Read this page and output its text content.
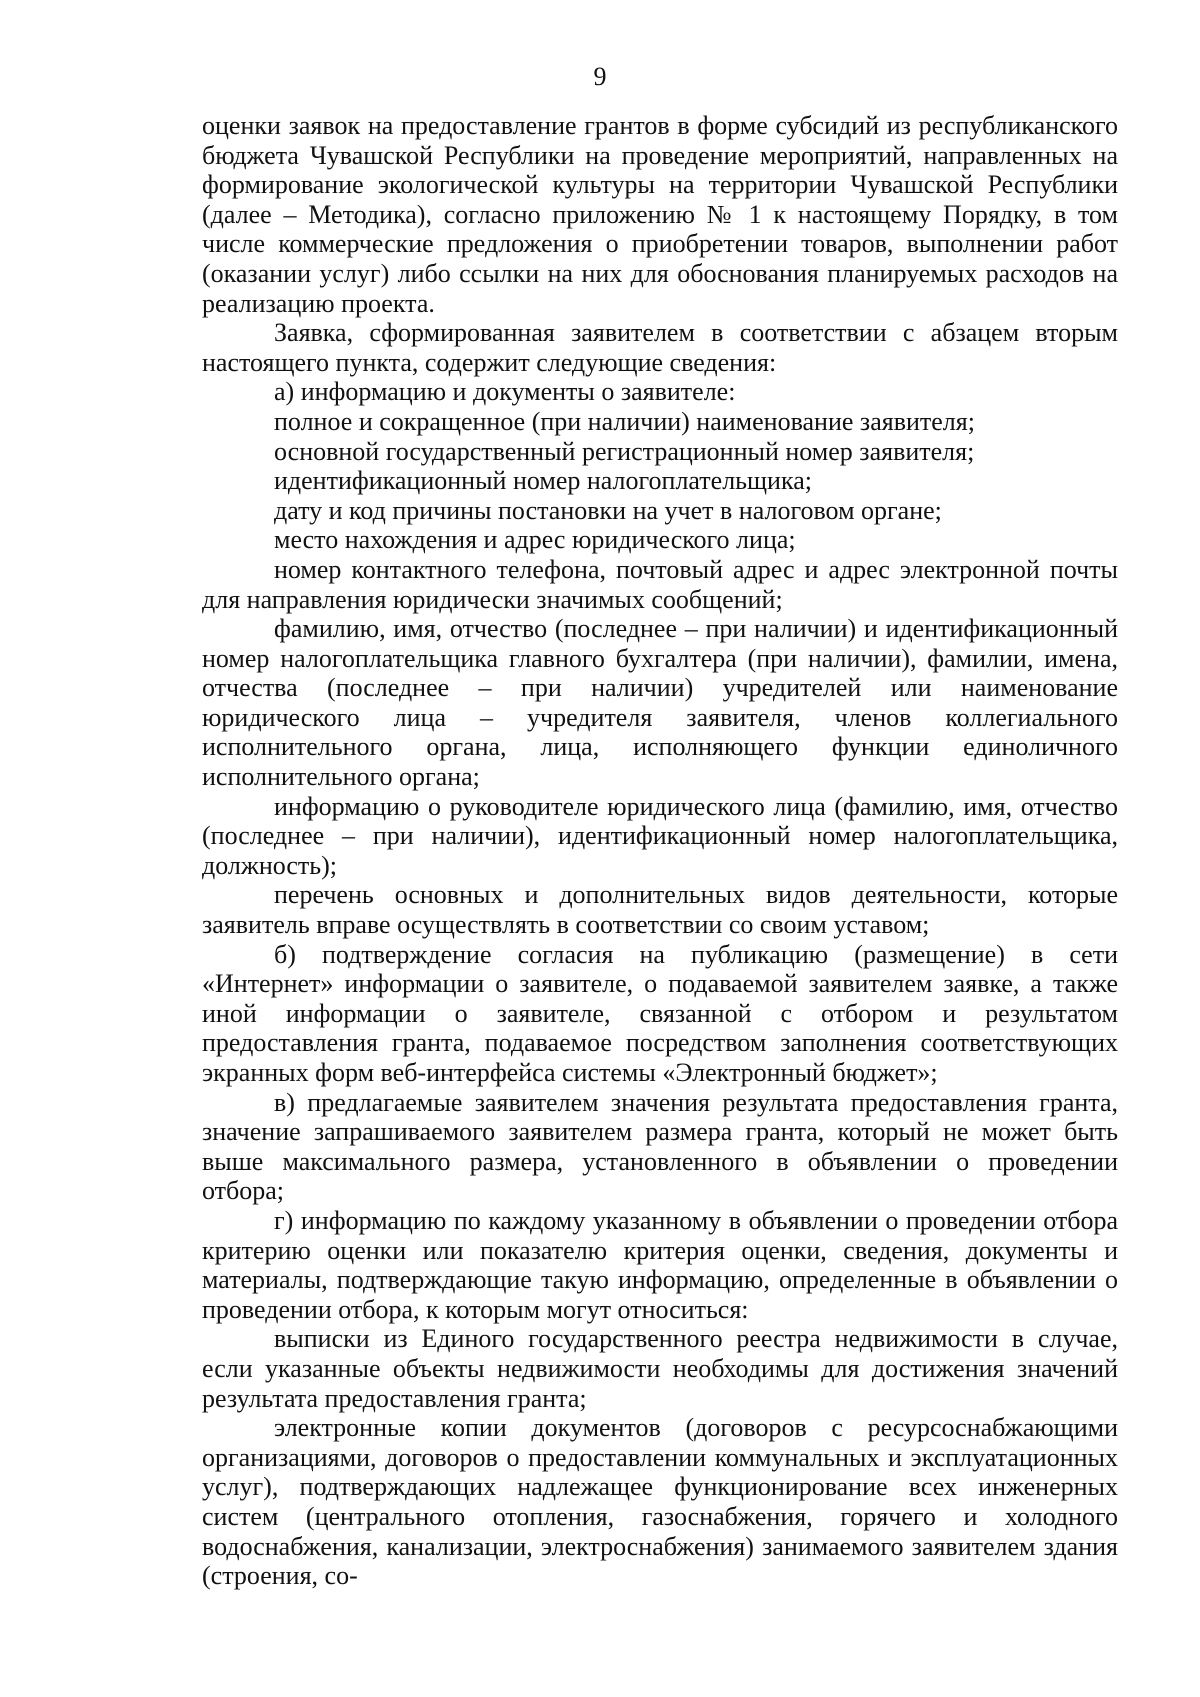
9

оценки заявок на предоставление грантов в форме субсидий из республиканского бюджета Чувашской Республики на проведение мероприятий, направленных на формирование экологической культуры на территории Чувашской Республики (далее – Методика), согласно приложению № 1 к настоящему Порядку, в том числе коммерческие предложения о приобретении товаров, выполнении работ (оказании услуг) либо ссылки на них для обоснования планируемых расходов на реализацию проекта.

Заявка, сформированная заявителем в соответствии с абзацем вторым настоящего пункта, содержит следующие сведения:

а) информацию и документы о заявителе:

полное и сокращенное (при наличии) наименование заявителя;

основной государственный регистрационный номер заявителя;

идентификационный номер налогоплательщика;

дату и код причины постановки на учет в налоговом органе;

место нахождения и адрес юридического лица;

номер контактного телефона, почтовый адрес и адрес электронной почты для направления юридически значимых сообщений;

фамилию, имя, отчество (последнее – при наличии) и идентификационный номер налогоплательщика главного бухгалтера (при наличии), фамилии, имена, отчества (последнее – при наличии) учредителей или наименование юридического лица – учредителя заявителя, членов коллегиального исполнительного органа, лица, исполняющего функции единоличного исполнительного органа;

информацию о руководителе юридического лица (фамилию, имя, отчество (последнее – при наличии), идентификационный номер налогоплательщика, должность);

перечень основных и дополнительных видов деятельности, которые заявитель вправе осуществлять в соответствии со своим уставом;

б) подтверждение согласия на публикацию (размещение) в сети «Интернет» информации о заявителе, о подаваемой заявителем заявке, а также иной информации о заявителе, связанной с отбором и результатом предоставления гранта, подаваемое посредством заполнения соответствующих экранных форм веб-интерфейса системы «Электронный бюджет»;

в) предлагаемые заявителем значения результата предоставления гранта, значение запрашиваемого заявителем размера гранта, который не может быть выше максимального размера, установленного в объявлении о проведении отбора;

г) информацию по каждому указанному в объявлении о проведении отбора критерию оценки или показателю критерия оценки, сведения, документы и материалы, подтверждающие такую информацию, определенные в объявлении о проведении отбора, к которым могут относиться:

выписки из Единого государственного реестра недвижимости в случае, если указанные объекты недвижимости необходимы для достижения значений результата предоставления гранта;

электронные копии документов (договоров с ресурсоснабжающими организациями, договоров о предоставлении коммунальных и эксплуатационных услуг), подтверждающих надлежащее функционирование всех инженерных систем (центрального отопления, газоснабжения, горячего и холодного водоснабжения, канализации, электроснабжения) занимаемого заявителем здания (строения, со-
